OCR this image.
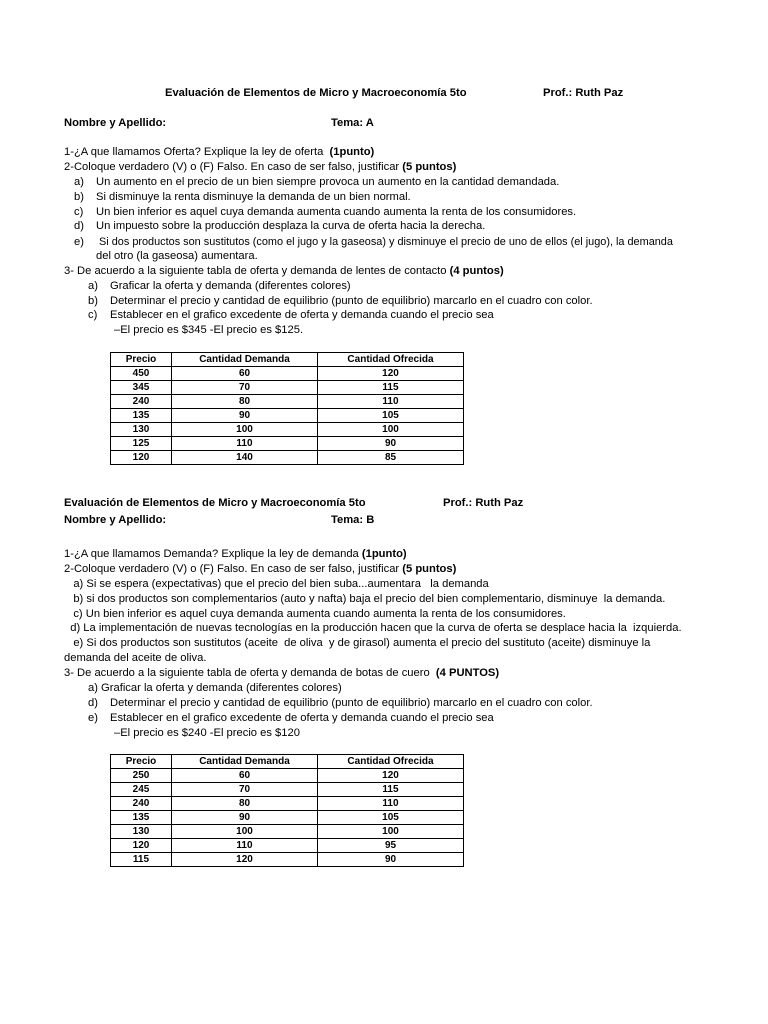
Evaluación de Elementos de Micro y Macroeconomía 5to	Prof.: Ruth Paz
Nombre y Apellido:	Tema: A
1-¿A que llamamos Oferta? Explique la ley de oferta (1punto)
2-Coloque verdadero (V) o (F) Falso. En caso de ser falso, justificar (5 puntos)
a) Un aumento en el precio de un bien siempre provoca un aumento en la cantidad demandada.
b) Si disminuye la renta disminuye la demanda de un bien normal.
c) Un bien inferior es aquel cuya demanda aumenta cuando aumenta la renta de los consumidores.
d) Un impuesto sobre la producción desplaza la curva de oferta hacia la derecha.
e) Si dos productos son sustitutos (como el jugo y la gaseosa) y disminuye el precio de uno de ellos (el jugo), la demanda
del otro (la gaseosa) aumentara.
3- De acuerdo a la siguiente tabla de oferta y demanda de lentes de contacto (4 puntos)
a) Graficar la oferta y demanda (diferentes colores)
b) Determinar el precio y cantidad de equilibrio (punto de equilibrio) marcarlo en el cuadro con color.
c) Establecer en el grafico excedente de oferta y demanda cuando el precio sea
–El precio es $345 -El precio es $125.
Precio	Cantidad Demanda	Cantidad Ofrecida
450	60	120
345	70	115
240	80	110
135	90	105
130	100	100
125	110	90
120	140	85
Evaluación de Elementos de Micro y Macroeconomía 5to	Prof.: Ruth Paz
Nombre y Apellido:	Tema: B
1-¿A que llamamos Demanda? Explique la ley de demanda (1punto)
2-Coloque verdadero (V) o (F) Falso. En caso de ser falso, justificar (5 puntos)
a) Si se espera (expectativas) que el precio del bien suba...aumentara   la demanda
b) si dos productos son complementarios (auto y nafta) baja el precio del bien complementario, disminuye  la demanda.
c) Un bien inferior es aquel cuya demanda aumenta cuando aumenta la renta de los consumidores.
d) La implementación de nuevas tecnologías en la producción hacen que la curva de oferta se desplace hacia la  izquierda.
e) Si dos productos son sustitutos (aceite  de oliva  y de girasol) aumenta el precio del sustituto (aceite) disminuye la
demanda del aceite de oliva.
3- De acuerdo a la siguiente tabla de oferta y demanda de botas de cuero (4 PUNTOS)
a) Graficar la oferta y demanda (diferentes colores)
d) Determinar el precio y cantidad de equilibrio (punto de equilibrio) marcarlo en el cuadro con color.
e) Establecer en el grafico excedente de oferta y demanda cuando el precio sea
–El precio es $240 -El precio es $120
Precio	Cantidad Demanda	Cantidad Ofrecida
250	60	120
245	70	115
240	80	110
135	90	105
130	100	100
120	110	95
115	120	90
